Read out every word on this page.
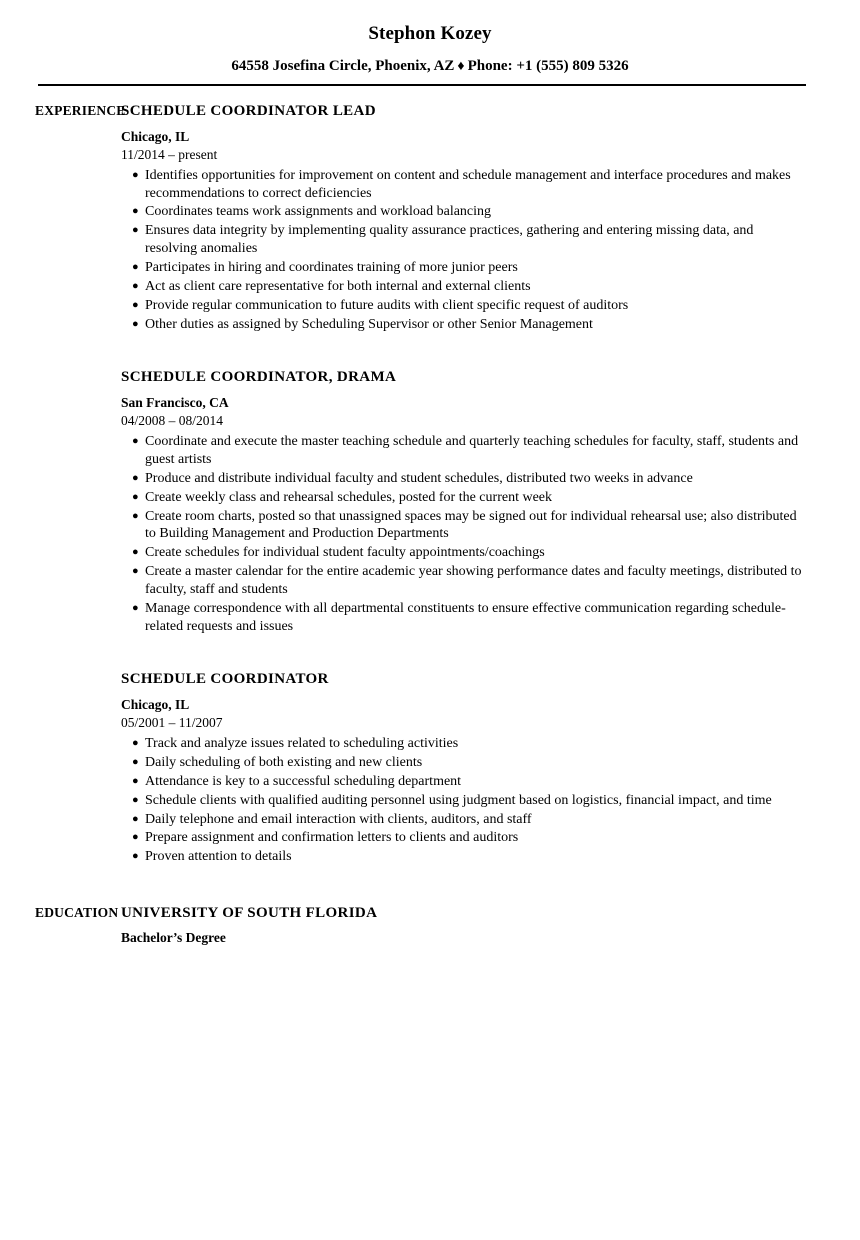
Stephon Kozey
64558 Josefina Circle, Phoenix, AZ ♦ Phone: +1 (555) 809 5326
EXPERIENCE
SCHEDULE COORDINATOR LEAD
Chicago, IL
11/2014 – present
● Identifies opportunities for improvement on content and schedule management and interface procedures and makes recommendations to correct deficiencies
● Coordinates teams work assignments and workload balancing
● Ensures data integrity by implementing quality assurance practices, gathering and entering missing data, and resolving anomalies
● Participates in hiring and coordinates training of more junior peers
● Act as client care representative for both internal and external clients
● Provide regular communication to future audits with client specific request of auditors
● Other duties as assigned by Scheduling Supervisor or other Senior Management
SCHEDULE COORDINATOR, DRAMA
San Francisco, CA
04/2008 – 08/2014
● Coordinate and execute the master teaching schedule and quarterly teaching schedules for faculty, staff, students and guest artists
● Produce and distribute individual faculty and student schedules, distributed two weeks in advance
● Create weekly class and rehearsal schedules, posted for the current week
● Create room charts, posted so that unassigned spaces may be signed out for individual rehearsal use; also distributed to Building Management and Production Departments
● Create schedules for individual student faculty appointments/coachings
● Create a master calendar for the entire academic year showing performance dates and faculty meetings, distributed to faculty, staff and students
● Manage correspondence with all departmental constituents to ensure effective communication regarding schedule-related requests and issues
SCHEDULE COORDINATOR
Chicago, IL
05/2001 – 11/2007
● Track and analyze issues related to scheduling activities
● Daily scheduling of both existing and new clients
● Attendance is key to a successful scheduling department
● Schedule clients with qualified auditing personnel using judgment based on logistics, financial impact, and time
● Daily telephone and email interaction with clients, auditors, and staff
● Prepare assignment and confirmation letters to clients and auditors
● Proven attention to details
EDUCATION UNIVERSITY OF SOUTH FLORIDA
Bachelor’s Degree
